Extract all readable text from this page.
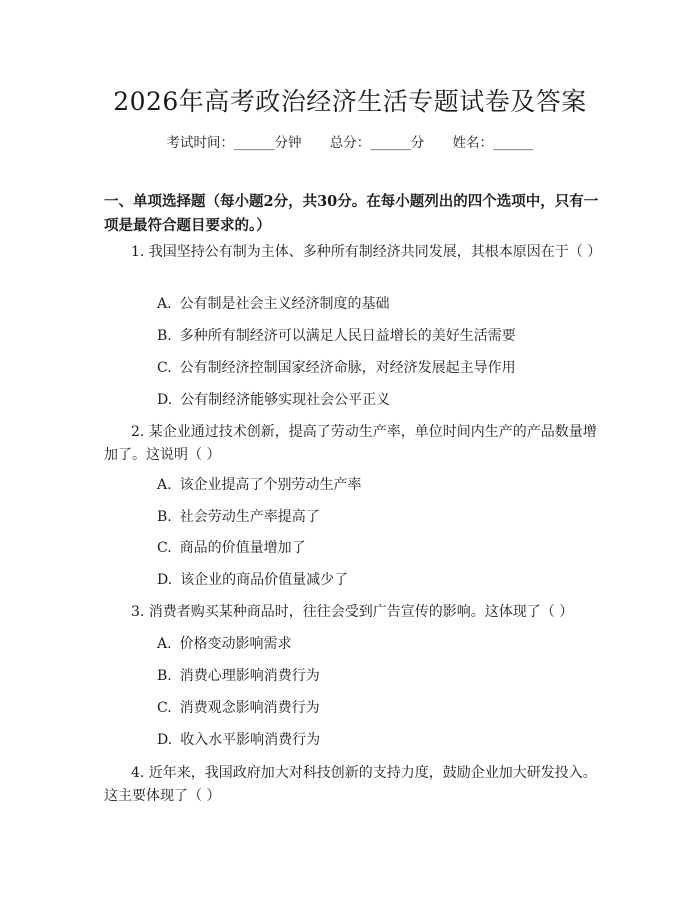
2026年高考政治经济生活专题试卷及答案
考试时间：______分钟 总分：______分 姓名：______
一、单项选择题（每小题2分，共30分。在每小题列出的四个选项中，只有一项是最符合题目要求的。）
1. 我国坚持公有制为主体、多种所有制经济共同发展，其根本原因在于（ ）
A. 公有制是社会主义经济制度的基础
B. 多种所有制经济可以满足人民日益增长的美好生活需要
C. 公有制经济控制国家经济命脉，对经济发展起主导作用
D. 公有制经济能够实现社会公平正义
2. 某企业通过技术创新，提高了劳动生产率，单位时间内生产的产品数量增加了。这说明（ ）
A. 该企业提高了个别劳动生产率
B. 社会劳动生产率提高了
C. 商品的价值量增加了
D. 该企业的商品价值量减少了
3. 消费者购买某种商品时，往往会受到广告宣传的影响。这体现了（ ）
A. 价格变动影响需求
B. 消费心理影响消费行为
C. 消费观念影响消费行为
D. 收入水平影响消费行为
4. 近年来，我国政府加大对科技创新的支持力度，鼓励企业加大研发投入。这主要体现了（ ）
